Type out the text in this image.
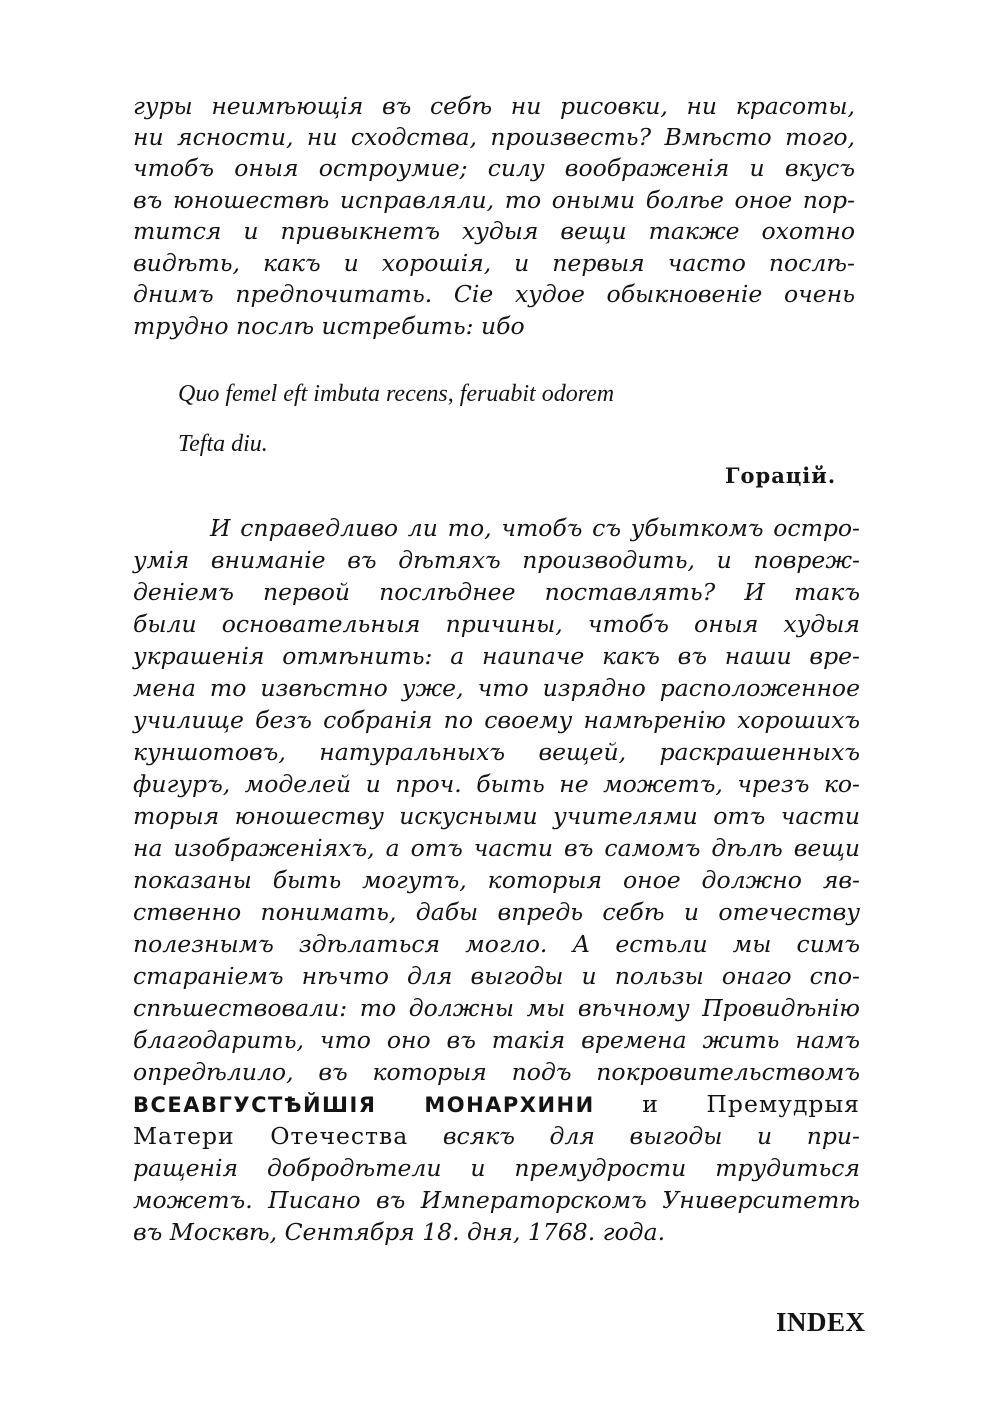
гуры неимѣющія въ себѣ ни рисовки, ни красоты,
ни ясности, ни сходства, произвесть? Вмѣсто того,
чтобъ оныя остроумие; силу воображенія и вкусъ
въ юношествѣ исправляли, то оными болѣе оное пор-
тится и привыкнетъ худыя вещи также охотно
видѣть, какъ и хорошія, и первыя часто послѣ-
днимъ предпочитать. Сіе худое обыкновеніе очень
трудно послѣ истребить: ибо
Quo femel eft imbuta recens, feruabit odorem
Tefta diu.
Горацій.
И справедливо ли то, чтобъ съ убыткомъ остро-
умія вниманіе въ дѣтяхъ производить, и повреж-
деніемъ первой послѣднее поставлять? И такъ
были основательныя причины, чтобъ оныя худыя
украшенія отмѣнить: а наипаче какъ въ наши вре-
мена то извѣстно уже, что изрядно расположенное
училище безъ собранія по своему намѣренію хорошихъ
куншотовъ, натуральныхъ вещей, раскрашенныхъ
фигуръ, моделей и проч. быть не можетъ, чрезъ ко-
торыя юношеству искусными учителями отъ части
на изображеніяхъ, а отъ части въ самомъ дѣлѣ вещи
показаны быть могутъ, которыя оное должно яв-
ственно понимать, дабы впредь себѣ и отечеству
полезнымъ здѣлаться могло. А естьли мы симъ
стараніемъ нѣчто для выгоды и пользы онаго спо-
спѣшествовали: то должны мы вѣчному Провидѣнію
благодарить, что оно въ такія времена жить намъ
опредѣлило, въ которыя подъ покровительствомъ
ВСЕАВГУСТѢЙШІЯ МОНАРХИНИ и Премудрыя
Матери Отечества всякъ для выгоды и при-
ращенія добродѣтели и премудрости трудиться
можетъ. Писано въ Императорскомъ Университетѣ
въ Москвѣ, Сентября 18. дня, 1768. года.
INDEX
